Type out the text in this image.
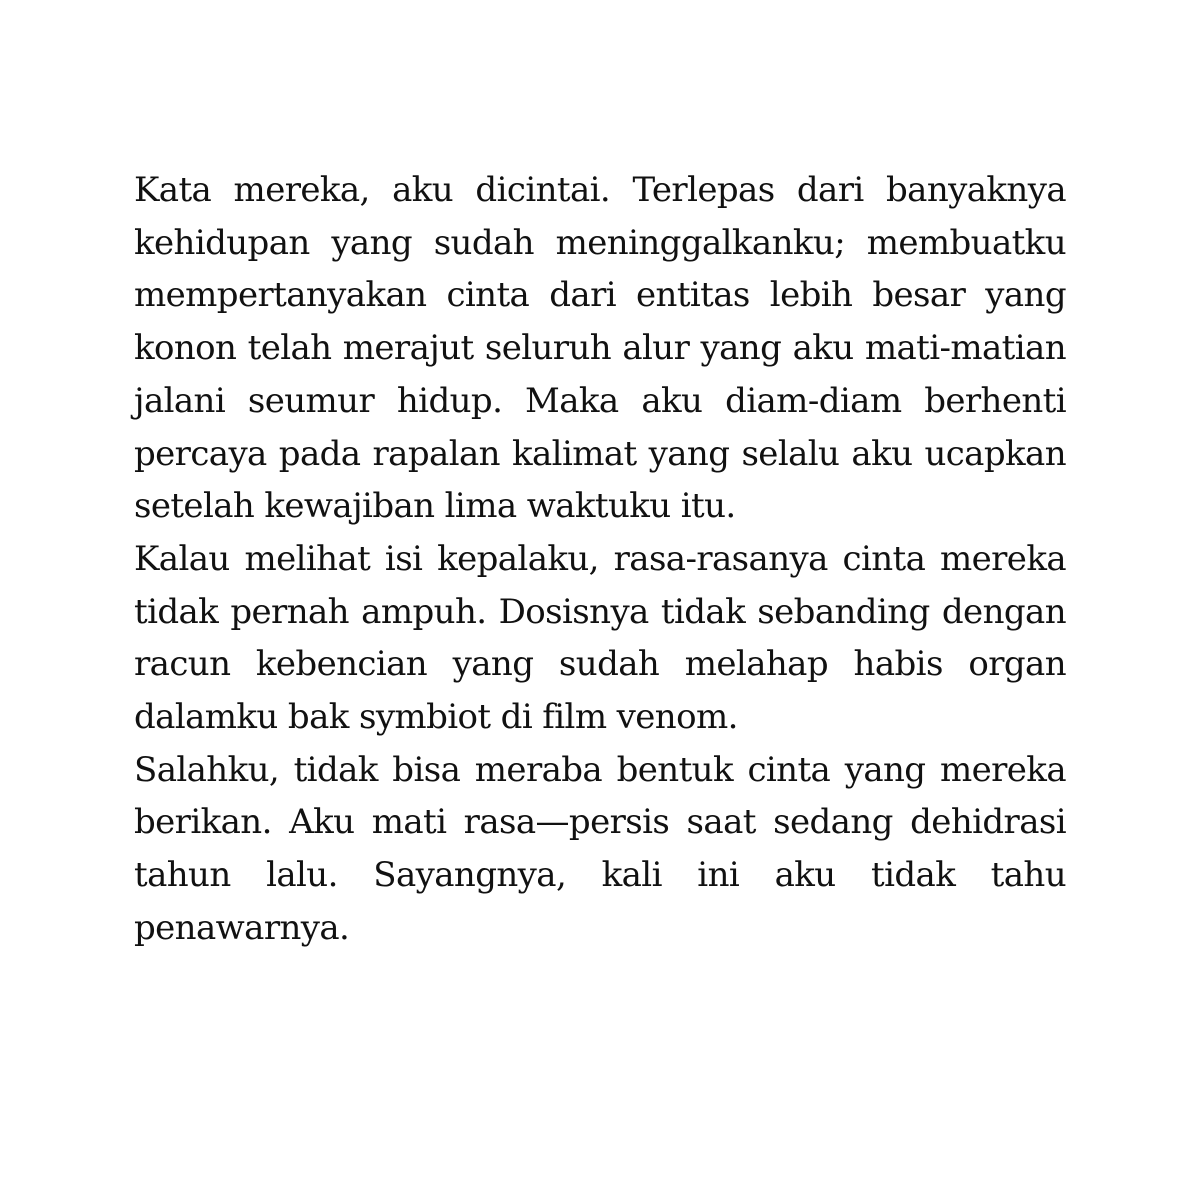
Kata mereka, aku dicintai. Terlepas dari banyaknya kehidupan yang sudah meninggalkanku; membuatku mempertanyakan cinta dari entitas lebih besar yang konon telah merajut seluruh alur yang aku mati-matian jalani seumur hidup. Maka aku diam-diam berhenti percaya pada rapalan kalimat yang selalu aku ucapkan setelah kewajiban lima waktuku itu.

Kalau melihat isi kepalaku, rasa-rasanya cinta mereka tidak pernah ampuh. Dosisnya tidak sebanding dengan racun kebencian yang sudah melahap habis organ dalamku bak symbiot di film venom.

Salahku, tidak bisa meraba bentuk cinta yang mereka berikan. Aku mati rasa—persis saat sedang dehidrasi tahun lalu. Sayangnya, kali ini aku tidak tahu penawarnya.
